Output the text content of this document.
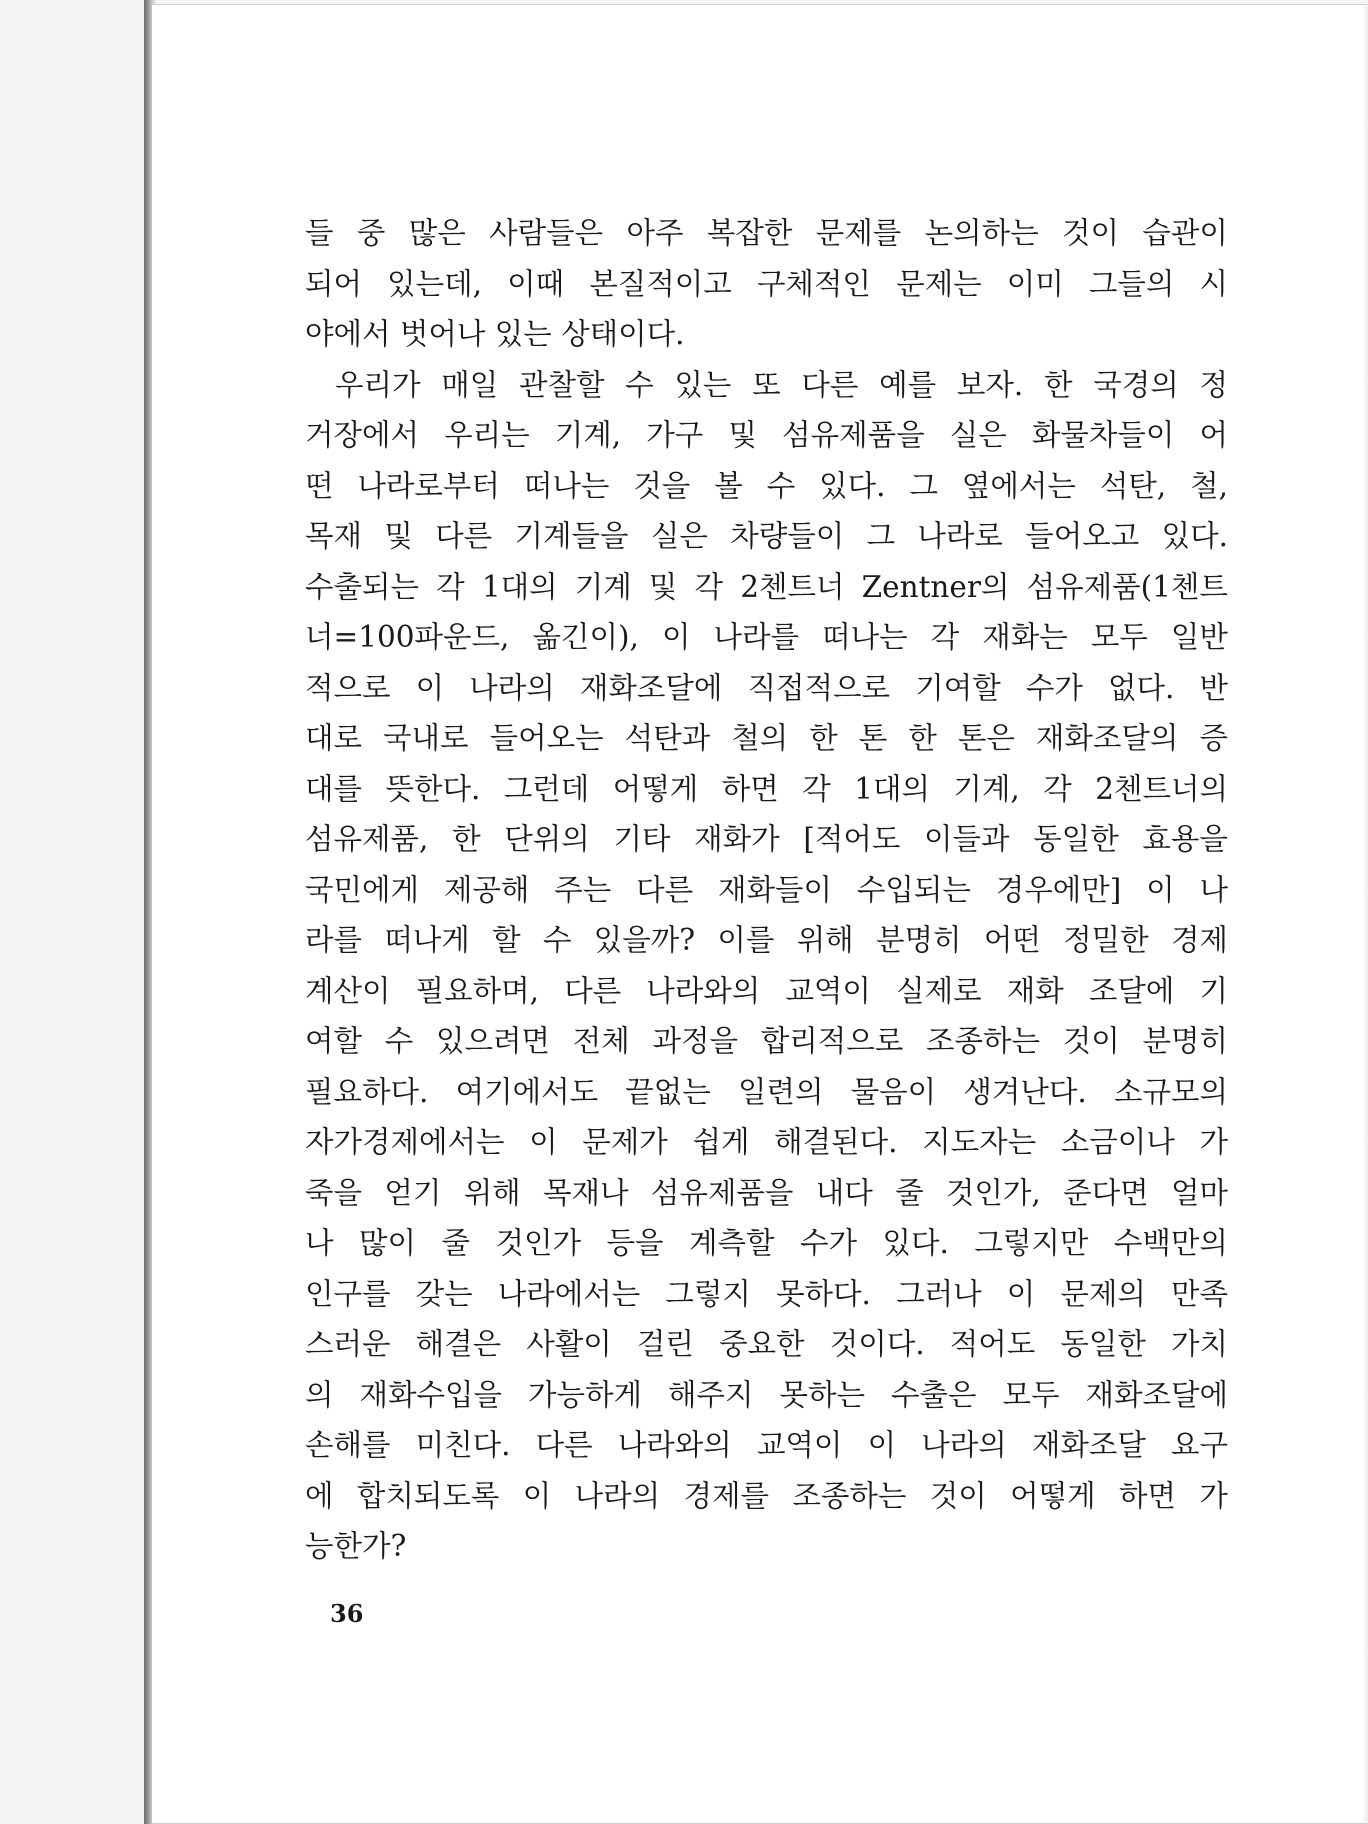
들 중 많은 사람들은 아주 복잡한 문제를 논의하는 것이 습관이
되어 있는데, 이때 본질적이고 구체적인 문제는 이미 그들의 시
야에서 벗어나 있는 상태이다.
우리가 매일 관찰할 수 있는 또 다른 예를 보자. 한 국경의 정
거장에서 우리는 기계, 가구 및 섬유제품을 실은 화물차들이 어
떤 나라로부터 떠나는 것을 볼 수 있다. 그 옆에서는 석탄, 철,
목재 및 다른 기계들을 실은 차량들이 그 나라로 들어오고 있다.
수출되는 각 1대의 기계 및 각 2첸트너 Zentner의 섬유제품(1첸트
너=100파운드, 옮긴이), 이 나라를 떠나는 각 재화는 모두 일반
적으로 이 나라의 재화조달에 직접적으로 기여할 수가 없다. 반
대로 국내로 들어오는 석탄과 철의 한 톤 한 톤은 재화조달의 증
대를 뜻한다. 그런데 어떻게 하면 각 1대의 기계, 각 2첸트너의
섬유제품, 한 단위의 기타 재화가 [적어도 이들과 동일한 효용을
국민에게 제공해 주는 다른 재화들이 수입되는 경우에만] 이 나
라를 떠나게 할 수 있을까? 이를 위해 분명히 어떤 정밀한 경제
계산이 필요하며, 다른 나라와의 교역이 실제로 재화 조달에 기
여할 수 있으려면 전체 과정을 합리적으로 조종하는 것이 분명히
필요하다. 여기에서도 끝없는 일련의 물음이 생겨난다. 소규모의
자가경제에서는 이 문제가 쉽게 해결된다. 지도자는 소금이나 가
죽을 얻기 위해 목재나 섬유제품을 내다 줄 것인가, 준다면 얼마
나 많이 줄 것인가 등을 계측할 수가 있다. 그렇지만 수백만의
인구를 갖는 나라에서는 그렇지 못하다. 그러나 이 문제의 만족
스러운 해결은 사활이 걸린 중요한 것이다. 적어도 동일한 가치
의 재화수입을 가능하게 해주지 못하는 수출은 모두 재화조달에
손해를 미친다. 다른 나라와의 교역이 이 나라의 재화조달 요구
에 합치되도록 이 나라의 경제를 조종하는 것이 어떻게 하면 가
능한가?
36
